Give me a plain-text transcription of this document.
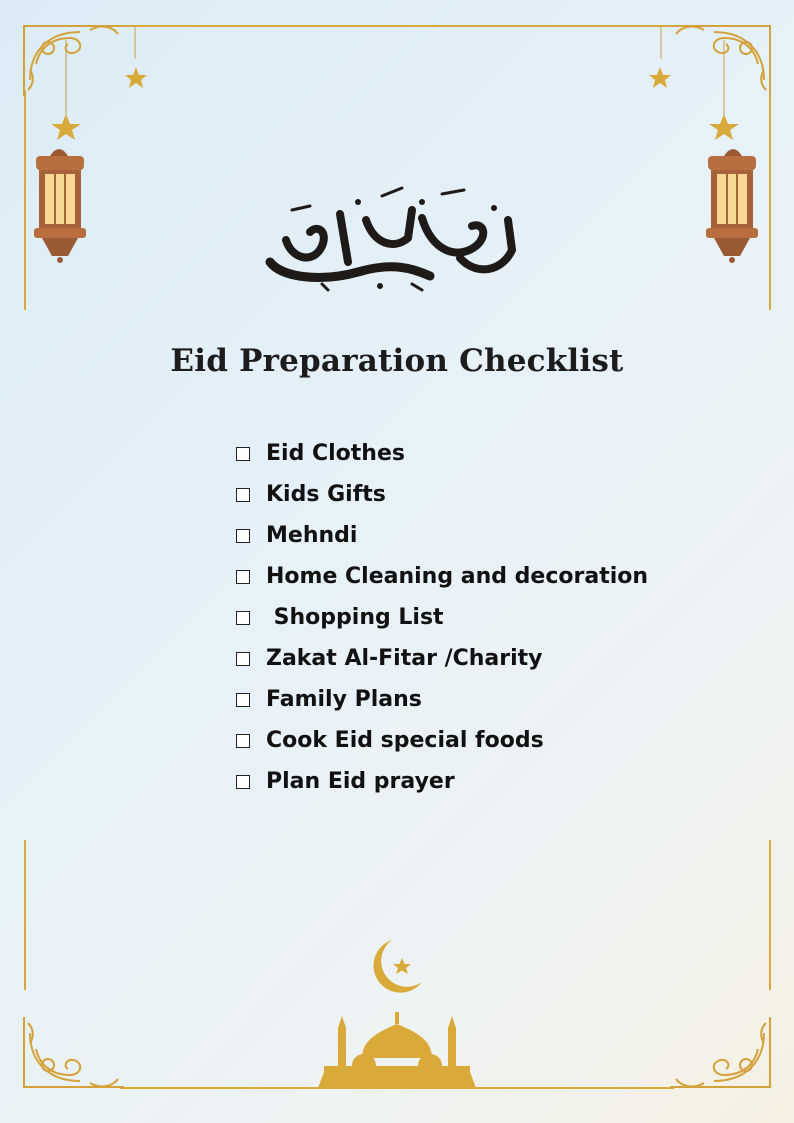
Eid Preparation Checklist
Eid Clothes
Kids Gifts
Mehndi
Home Cleaning and decoration
Shopping List
Zakat Al-Fitar /Charity
Family Plans
Cook Eid special foods
Plan Eid prayer
